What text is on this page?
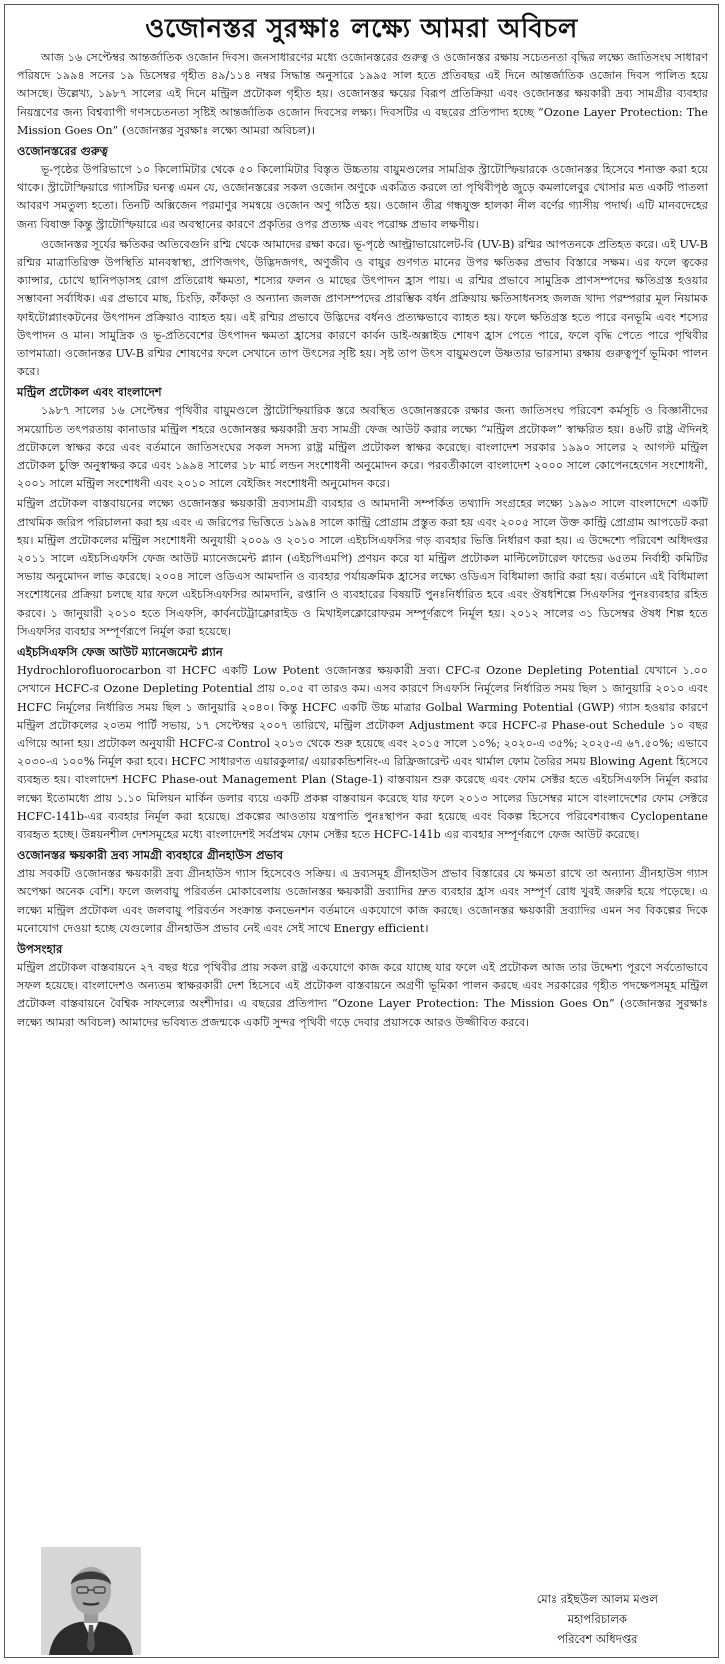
ওজোনস্তর সুরক্ষাঃ লক্ষ্যে আমরা অবিচল

আজ ১৬ সেপ্টেম্বর আন্তর্জাতিক ওজোন দিবস। জনসাধারণের মধ্যে ওজোনস্তরের গুরুত্ব ও ওজোনস্তর রক্ষায় সচেতনতা বৃদ্ধির লক্ষ্যে জাতিসংঘ সাধারণ পরিষদে ১৯৯৪ সনের ১৯ ডিসেম্বর গৃহীত ৪৯/১১৪ নম্বর সিদ্ধান্ত অনুসারে ১৯৯৫ সাল হতে প্রতিবছর এই দিনে আন্তর্জাতিক ওজোন দিবস পালিত হয়ে আসছে। উল্লেখ্য, ১৯৮৭ সালের এই দিনে মন্ট্রিল প্রটোকল গৃহীত হয়। ওজোনস্তর ক্ষয়ের বিরূপ প্রতিক্রিয়া এবং ওজোনস্তর ক্ষয়কারী দ্রব্য সামগ্রীর ব্যবহার নিয়ন্ত্রণের জন্য বিশ্বব্যাপী গণসচেতনতা সৃষ্টিই আন্তর্জাতিক ওজোন দিবসের লক্ষ্য। দিবসটির এ বছরের প্রতিপাদ্য হচ্ছে “Ozone Layer Protection: The Mission Goes On” (ওজোনস্তর সুরক্ষাঃ লক্ষ্যে আমরা অবিচল)।

ওজোনস্তরের গুরুত্ব

ভূ-পৃষ্ঠের উপরিভাগে ১০ কিলোমিটার থেকে ৫০ কিলোমিটার বিস্তৃত উচ্চতায় বায়ুমণ্ডলের সামগ্রিক স্ট্রাটোস্ফিয়ারকে ওজোনস্তর হিসেবে শনাক্ত করা হয়ে থাকে। স্ট্রাটোস্ফিয়ারে গ্যাসটির ঘনত্ব এমন যে, ওজোনস্তরের সকল ওজোন অণুকে একত্রিত করলে তা পৃথিবীপৃষ্ঠ জুড়ে কমলালেবুর খোসার মত একটি পাতলা আবরণ সমতুল্য হতো। তিনটি অক্সিজেন পরমাণুর সমন্বয়ে ওজোন অণু গঠিত হয়। ওজোন তীব্র গন্ধযুক্ত হালকা নীল বর্ণের গ্যাসীয় পদার্থ। এটি মানবদেহের জন্য বিষাক্ত কিন্তু স্ট্রাটোস্ফিয়ারে এর অবস্থানের কারণে প্রকৃতির ওপর প্রত্যক্ষ এবং পরোক্ষ প্রভাব লক্ষণীয়।

ওজোনস্তর সূর্যের ক্ষতিকর অতিবেগুনি রশ্মি থেকে আমাদের রক্ষা করে। ভূ-পৃষ্ঠে আল্ট্রাভায়োলেট-বি (UV-B) রশ্মির আপতনকে প্রতিহত করে। এই UV-B রশ্মির মাত্রাতিরিক্ত উপস্থিতি মানবস্বাস্থ্য, প্রাণিজগৎ, উদ্ভিদজগৎ, অণুজীব ও বায়ুর গুণগত মানের উপর ক্ষতিকর প্রভাব বিস্তারে সক্ষম। এর ফলে ত্বকের ক্যান্সার, চোখে ছানিপড়াসহ রোগ প্রতিরোধ ক্ষমতা, শস্যের ফলন ও মাছের উৎপাদন হ্রাস পায়। এ রশ্মির প্রভাবে সামুদ্রিক প্রাণসম্পদের ক্ষতিগ্রস্ত হওয়ার সম্ভাবনা সর্বাধিক। এর প্রভাবে মাছ, চিংড়ি, কাঁকড়া ও অন্যান্য জলজ প্রাণসম্পদের প্রারম্ভিক বর্ধন প্রক্রিয়ায় ক্ষতিসাধনসহ জলজ খাদ্য পরম্পরার মূল নিয়ামক ফাইটোপ্ল্যাংকটনের উৎপাদন প্রক্রিয়াও ব্যাহত হয়। এই রশ্মির প্রভাবে উদ্ভিদের বর্ধনও প্রত্যক্ষভাবে ব্যাহত হয়। ফলে ক্ষতিগ্রস্ত হতে পারে বনভূমি এবং শস্যের উৎপাদন ও মান। সামুদ্রিক ও ভূ-প্রতিবেশের উৎপাদন ক্ষমতা হ্রাসের কারণে কার্বন ডাই-অক্সাইড শোষণ হ্রাস পেতে পারে, ফলে বৃদ্ধি পেতে পারে পৃথিবীর তাপমাত্রা। ওজোনস্তর UV-B রশ্মির শোষণের ফলে সেখানে তাপ উৎসের সৃষ্টি হয়। সৃষ্ট তাপ উৎস বায়ুমণ্ডলে উষ্ণতার ভারসাম্য রক্ষায় গুরুত্বপূর্ণ ভূমিকা পালন করে।

মন্ট্রিল প্রটোকল এবং বাংলাদেশ

১৯৮৭ সালের ১৬ সেপ্টেম্বর পৃথিবীর বায়ুমণ্ডলে স্ট্রাটোস্ফিয়ারিক স্তরে অবস্থিত ওজোনস্তরকে রক্ষার জন্য জাতিসংঘ পরিবেশ কর্মসূচি ও বিজ্ঞানীদের সময়োচিত তৎপরতায় কানাডার মন্ট্রিল শহরে ওজোনস্তর ক্ষয়কারী দ্রব্য সামগ্রী ফেজ আউট করার লক্ষ্যে “মন্ট্রিল প্রটোকল” স্বাক্ষরিত হয়। ৪৬টি রাষ্ট্র ঐদিনই প্রটোকলে স্বাক্ষর করে এবং বর্তমানে জাতিসংঘের সকল সদস্য রাষ্ট্র মন্ট্রিল প্রটোকল স্বাক্ষর করেছে। বাংলাদেশ সরকার ১৯৯০ সালের ২ আগস্ট মন্ট্রিল প্রটোকল চুক্তি অনুস্বাক্ষর করে এবং ১৯৯৪ সালের ১৮ মার্চ লন্ডন সংশোধনী অনুমোদন করে। পরবর্তীকালে বাংলাদেশ ২০০০ সালে কোপেনহেগেন সংশোধনী, ২০০১ সালে মন্ট্রিল সংশোধনী এবং ২০১০ সালে বেইজিং সংশোধনী অনুমোদন করে।

মন্ট্রিল প্রটোকল বাস্তবায়নের লক্ষ্যে ওজোনস্তর ক্ষয়কারী দ্রব্যসামগ্রী ব্যবহার ও আমদানী সম্পর্কিত তথ্যাদি সংগ্রহের লক্ষ্যে ১৯৯৩ সালে বাংলাদেশে একটি প্রাথমিক জরিপ পরিচালনা করা হয় এবং এ জরিপের ভিত্তিতে ১৯৯৪ সালে কান্ট্রি প্রোগ্রাম প্রস্তুত করা হয় এবং ২০০৫ সালে উক্ত কান্ট্রি প্রোগ্রাম আপডেট করা হয়। মন্ট্রিল প্রটোকলের মন্ট্রিল সংশোধনী অনুযায়ী ২০০৯ ও ২০১০ সালে এইচসিএফসির গড় ব্যবহার ভিত্তি নির্ধারণ করা হয়। এ উদ্দেশ্যে পরিবেশ অধিদপ্তর ২০১১ সালে এইচসিএফসি ফেজ আউট ম্যানেজমেন্ট প্ল্যান (এইচপিএমপি) প্রণয়ন করে যা মন্ট্রিল প্রটোকল মাল্টিলেটারেল ফান্ডের ৬৫তম নির্বাহী কমিটির সভায় অনুমোদন লাভ করেছে। ২০০৪ সালে ওডিএস আমদানি ও ব্যবহার পর্যায়ক্রমিক হ্রাসের লক্ষ্যে ওডিএস বিধিমালা জারি করা হয়। বর্তমানে এই বিধিমালা সংশোধনের প্রক্রিয়া চলছে যার ফলে এইচসিএফসির আমদানি, রপ্তানি ও ব্যবহারের বিষয়টি পুনঃনির্ধারিত হবে এবং ঔষধশিল্পে সিএফসির পুনঃব্যবহার রহিত করবে। ১ জানুয়ারী ২০১০ হতে সিএফসি, কার্বনটেট্রাক্লোরাইড ও মিথাইলক্লোরোফরম সম্পূর্ণরূপে নির্মূল হয়। ২০১২ সালের ৩১ ডিসেম্বর ঔষধ শিল্প হতে সিএফসির ব্যবহার সম্পূর্ণরূপে নির্মূল করা হয়েছে।

এইচসিএফসি ফেজ আউট ম্যানেজমেন্ট প্ল্যান

Hydrochlorofluorocarbon বা HCFC একটি Low Potent ওজোনস্তর ক্ষয়কারী দ্রব্য। CFC-র Ozone Depleting Potential যেখানে ১.০০ সেখানে HCFC-র Ozone Depleting Potential প্রায় ০.০৫ বা তারও কম। এসব কারণে সিএফসি নির্মূলের নির্ধারিত সময় ছিল ১ জানুয়ারি ২০১০ এবং HCFC নির্মূলের নির্ধারিত সময় ছিল ১ জানুয়ারি ২০৪০। কিন্তু HCFC একটি উচ্চ মাত্রার Golbal Warming Potential (GWP) গ্যাস হওয়ার কারণে মন্ট্রিল প্রটোকলের ২০তম পার্টি সভায়, ১৭ সেপ্টেম্বর ২০০৭ তারিখে, মন্ট্রিল প্রটোকল Adjustment করে HCFC-র Phase-out Schedule ১০ বছর এগিয়ে আনা হয়। প্রটোকল অনুযায়ী HCFC-র Control ২০১৩ থেকে শুরু হয়েছে এবং ২০১৫ সালে ১০%; ২০২০-এ ৩৫%; ২০২৫-এ ৬৭.৫০%; এভাবে ২০৩০-এ ১০০% নির্মূল করা হবে। HCFC সাধারণত এয়ারকুলার/ এয়ারকন্ডিশনিং-এ রিফ্রিজারেন্ট এবং থার্মাল ফোম তৈরির সময় Blowing Agent হিসেবে ব্যবহৃত হয়। বাংলাদেশ HCFC Phase-out Management Plan (Stage-1) বাস্তবায়ন শুরু করেছে এবং ফোম সেক্টর হতে এইচসিএফসি নির্মূল করার লক্ষ্যে ইতোমধ্যে প্রায় ১.১০ মিলিয়ন মার্কিন ডলার ব্যয়ে একটি প্রকল্প বাস্তবায়ন করেছে যার ফলে ২০১৩ সালের ডিসেম্বর মাসে বাংলাদেশের ফোম সেক্টরে HCFC-141b-এর ব্যবহার নির্মূল করা হয়েছে। প্রকল্পের আওতায় যন্ত্রপাতি পুনঃস্থাপন করা হয়েছে এবং বিকল্প হিসেবে পরিবেশবান্ধব Cyclopentane ব্যবহৃত হচ্ছে। উন্নয়নশীল দেশসমূহের মধ্যে বাংলাদেশই সর্বপ্রথম ফোম সেক্টর হতে HCFC-141b এর ব্যবহার সম্পূর্ণরূপে ফেজ আউট করেছে।

ওজোনস্তর ক্ষয়কারী দ্রব্য সামগ্রী ব্যবহারে গ্রীনহাউস প্রভাব

প্রায় সবকটি ওজোনস্তর ক্ষয়কারী দ্রব্য গ্রীনহাউস গ্যাস হিসেবেও সক্রিয়। এ দ্রব্যসমূহ গ্রীনহাউস প্রভাব বিস্তারের যে ক্ষমতা রাখে তা অন্যান্য গ্রীনহাউস গ্যাস অপেক্ষা অনেক বেশি। ফলে জলবায়ু পরিবর্তন মোকাবেলায় ওজোনস্তর ক্ষয়কারী দ্রব্যাদির দ্রুত ব্যবহার হ্রাস এবং সম্পূর্ণ রোধ খুবই জরুরি হয়ে পড়েছে। এ লক্ষ্যে মন্ট্রিল প্রটোকল এবং জলবায়ু পরিবর্তন সংক্রান্ত কনভেনশন বর্তমানে একযোগে কাজ করছে। ওজোনস্তর ক্ষয়কারী দ্রব্যাদির এমন সব বিকল্পের দিকে মনোযোগ দেওয়া হচ্ছে যেগুলোর গ্রীনহাউস প্রভাব নেই এবং সেই সাথে Energy efficient।

উপসংহার

মন্ট্রিল প্রটোকল বাস্তবায়নে ২৭ বছর ধরে পৃথিবীর প্রায় সকল রাষ্ট্র একযোগে কাজ করে যাচ্ছে যার ফলে এই প্রটোকল আজ তার উদ্দেশ্য পূরণে সর্বতোভাবে সফল হয়েছে। বাংলাদেশও অন্যতম স্বাক্ষরকারী দেশ হিসেবে এই প্রটোকল বাস্তবায়নে অগ্রণী ভূমিকা পালন করছে এবং সরকারের গৃহীত পদক্ষেপসমূহ মন্ট্রিল প্রটোকল বাস্তবায়নে বৈশ্বিক সাফল্যের অংশীদার। এ বছরের প্রতিপাদ্য “Ozone Layer Protection: The Mission Goes On” (ওজোনস্তর সুরক্ষাঃ লক্ষ্যে আমরা অবিচল) আমাদের ভবিষ্যত প্রজন্মকে একটি সুন্দর পৃথিবী গড়ে দেবার প্রয়াসকে আরও উজ্জীবিত করবে।

মোঃ রইছউল আলম মণ্ডল
মহাপরিচালক
পরিবেশ অধিদপ্তর
